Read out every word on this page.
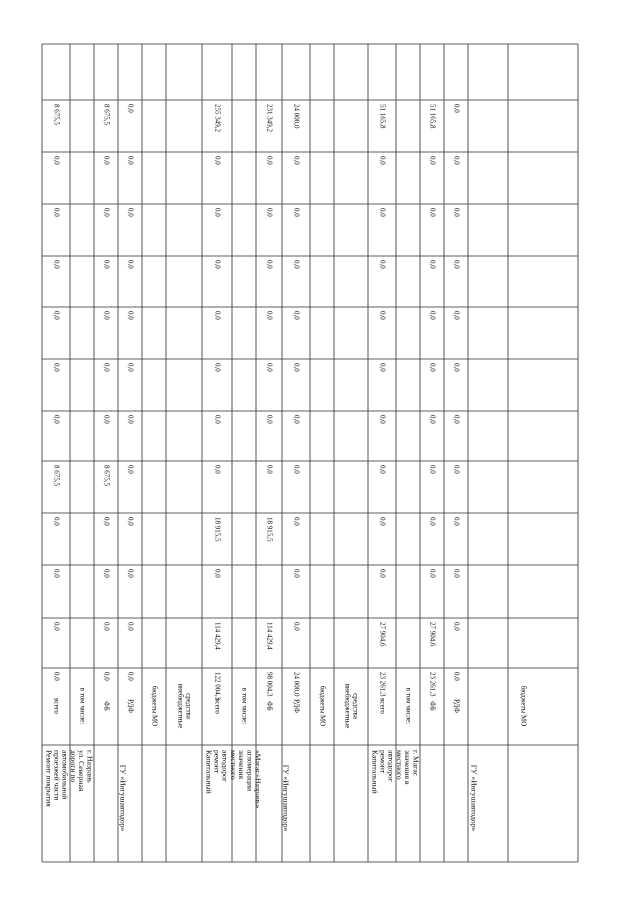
Ремонт покрытия проезжей части автомобильной дороги по ул. Северная г. Назрань	ГУ «Ингушавтодор»
всего
8 675,5
0,0
0,0
0,0
0,0
0,0
0,0
8 675,5
0,0
0,0
0,0
0,0
в том числе: ФБ
8 675,5
0,0
0,0
0,0
0,0
0,0
0,0
8 675,5
0,0
0,0
0,0
0,0
РДФ
0,0
0,0
0,0
0,0
0,0
0,0
0,0
0,0
0,0
0,0
0,0
0,0
бюджеты МО	внебюджетные средства
Капитальный ремонт автодорог местного значения агломерации «Магас+Назрань» ГУ «Ингушавтодор»
всего
255 349,2
0,0
0,0
0,0
0,0
0,0
0,0
0,0
18 915,5
0,0
114 429,4
122 004,3
в том числе: ФБ
231 349,2
0,0
0,0
0,0
0,0
0,0
0,0
0,0
18 915,5
114 429,4
98 004,3
РДФ
24 000,0
0,0
0,0
0,0
0,0
0,0
0,0
0,0
0,0
0,0
0,0
24 000,0
бюджеты МО внебюджетные средства
Капитальный ремонт автодорог местного значения в г. Магас
ГУ «Ингушавтодор»
всего
51 165,8
0,0
0,0
0,0
0,0
0,0
0,0
0,0
0,0
0,0
27 904,6
23 261,3
в том числе: ФБ
51 165,8
0,0
0,0
0,0
0,0
0,0
0,0
0,0
0,0
0,0
27 904,6
23 261,3
РДФ
0,0
0,0
0,0
0,0
0,0
0,0
0,0
0,0
0,0
0,0
0,0
0,0
бюджеты МО
